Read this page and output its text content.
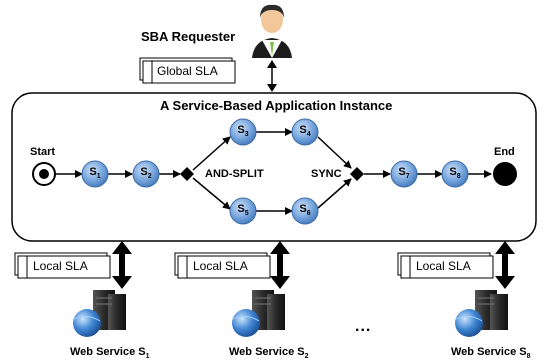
SBA Requester
Global SLA
A Service-Based Application Instance
Start	End
AND-SPLIT	SYNC
$S_1$	$S_2$
$S_3$	$S_4$
$S_5$	$S_6$
$S_7$	$S_8$
Local SLA	Local SLA	Local SLA
...
Web Service $S_1$	Web Service $S_2$	Web Service $S_8$
